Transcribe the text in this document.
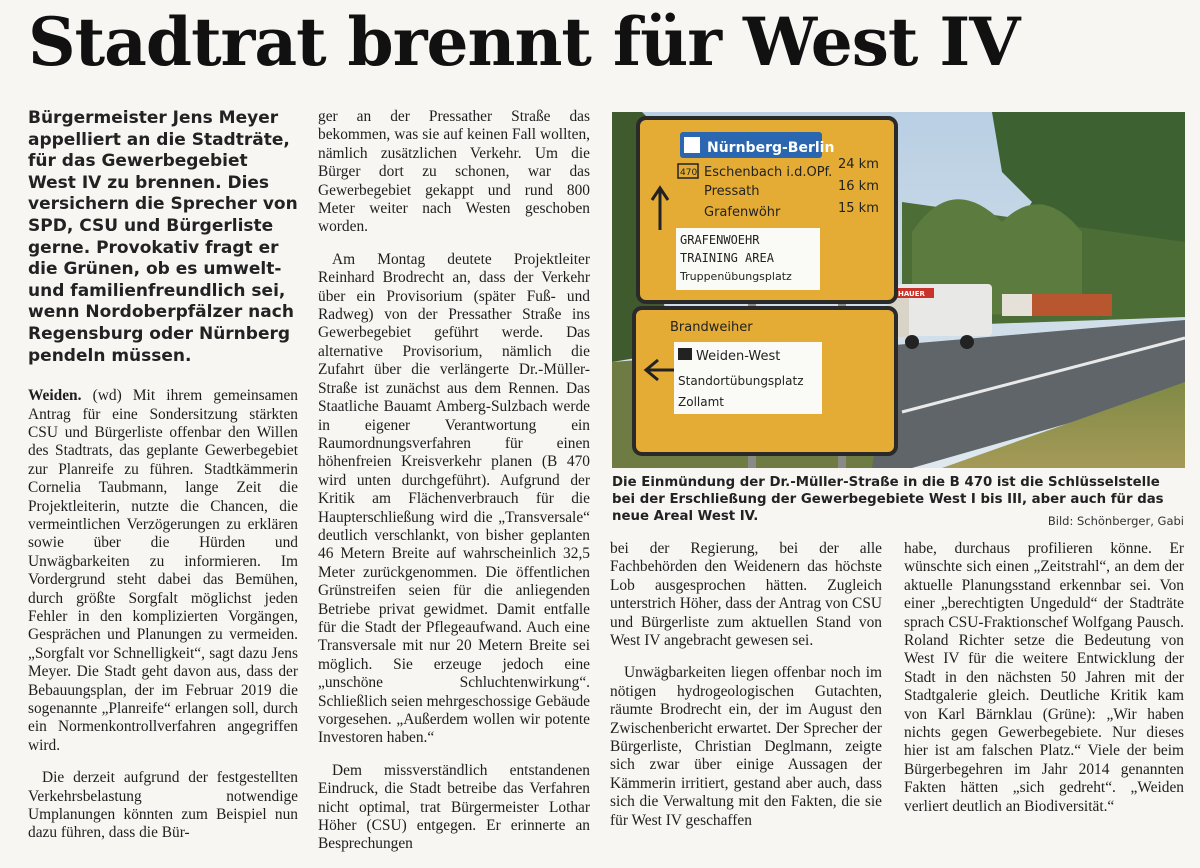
Stadtrat brennt für West IV
Bürgermeister Jens Meyer appelliert an die Stadträte, für das Gewerbegebiet West IV zu brennen. Dies versichern die Sprecher von SPD, CSU und Bürgerliste gerne. Provokativ fragt er die Grünen, ob es umwelt- und familienfreundlich sei, wenn Nordoberpfälzer nach Regensburg oder Nürnberg pendeln müssen.

Weiden. (wd) Mit ihrem gemeinsamen Antrag für eine Sondersitzung stärkten CSU und Bürgerliste offenbar den Willen des Stadtrats, das geplante Gewerbegebiet zur Planreife zu führen. Stadtkämmerin Cornelia Taubmann, lange Zeit die Projektleiterin, nutzte die Chancen, die vermeintlichen Verzögerungen zu erklären sowie über die Hürden und Unwägbarkeiten zu informieren. Im Vordergrund steht dabei das Bemühen, durch größte Sorgfalt möglichst jeden Fehler in den komplizierten Vorgängen, Gesprächen und Planungen zu vermeiden. „Sorgfalt vor Schnelligkeit“, sagt dazu Jens Meyer. Die Stadt geht davon aus, dass der Bebauungsplan, der im Februar 2019 die sogenannte „Planreife“ erlangen soll, durch ein Normenkontrollverfahren angegriffen wird.

Die derzeit aufgrund der festgestellten Verkehrsbelastung notwendige Umplanungen könnten zum Beispiel nun dazu führen, dass die Bür-

ger an der Pressather Straße das bekommen, was sie auf keinen Fall wollten, nämlich zusätzlichen Verkehr. Um die Bürger dort zu schonen, war das Gewerbegebiet gekappt und rund 800 Meter weiter nach Westen geschoben worden.

Am Montag deutete Projektleiter Reinhard Brodrecht an, dass der Verkehr über ein Provisorium (später Fuß- und Radweg) von der Pressather Straße ins Gewerbegebiet geführt werde. Das alternative Provisorium, nämlich die Zufahrt über die verlängerte Dr.-Müller-Straße ist zunächst aus dem Rennen. Das Staatliche Bauamt Amberg-Sulzbach werde in eigener Verantwortung ein Raumordnungsverfahren für einen höhenfreien Kreisverkehr planen (B 470 wird unten durchgeführt). Aufgrund der Kritik am Flächenverbrauch für die Haupterschließung wird die „Transversale“ deutlich verschlankt, von bisher geplanten 46 Metern Breite auf wahrscheinlich 32,5 Meter zurückgenommen. Die öffentlichen Grünstreifen seien für die anliegenden Betriebe privat gewidmet. Damit entfalle für die Stadt der Pflegeaufwand. Auch eine Transversale mit nur 20 Metern Breite sei möglich. Sie erzeuge jedoch eine „unschöne Schluchtenwirkung“. Schließlich seien mehrgeschossige Gebäude vorgesehen. „Außerdem wollen wir potente Investoren haben.“

Dem missverständlich entstandenen Eindruck, die Stadt betreibe das Verfahren nicht optimal, trat Bürgermeister Lothar Höher (CSU) entgegen. Er erinnerte an Besprechungen

HAUER
Nürnberg-Berlin
470 Eschenbach i.d.OPf.
24 km
Pressath	16 km
Grafenwöhr	15 km
GRAFENWOEHR
TRAINING AREA
Truppenübungsplatz
Brandweiher
Weiden-West
Standortübungsplatz
Zollamt
Die Einmündung der Dr.-Müller-Straße in die B 470 ist die Schlüsselstelle bei der Erschließung der Gewerbegebiete West I bis III, aber auch für das neue Areal West IV.	Bild: Schönberger, Gabi

bei der Regierung, bei der alle Fachbehörden den Weidenern das höchste Lob ausgesprochen hätten. Zugleich unterstrich Höher, dass der Antrag von CSU und Bürgerliste zum aktuellen Stand von West IV angebracht gewesen sei.

Unwägbarkeiten liegen offenbar noch im nötigen hydrogeologischen Gutachten, räumte Brodrecht ein, der im August den Zwischenbericht erwartet. Der Sprecher der Bürgerliste, Christian Deglmann, zeigte sich zwar über einige Aussagen der Kämmerin irritiert, gestand aber auch, dass sich die Verwaltung mit den Fakten, die sie für West IV geschaffen

habe, durchaus profilieren könne. Er wünschte sich einen „Zeitstrahl“, an dem der aktuelle Planungsstand erkennbar sei. Von einer „berechtigten Ungeduld“ der Stadträte sprach CSU-Fraktionschef Wolfgang Pausch. Roland Richter setze die Bedeutung von West IV für die weitere Entwicklung der Stadt in den nächsten 50 Jahren mit der Stadtgalerie gleich. Deutliche Kritik kam von Karl Bärnklau (Grüne): „Wir haben nichts gegen Gewerbegebiete. Nur dieses hier ist am falschen Platz.“ Viele der beim Bürgerbegehren im Jahr 2014 genannten Fakten hätten „sich gedreht“. „Weiden verliert deutlich an Biodiversität.“
